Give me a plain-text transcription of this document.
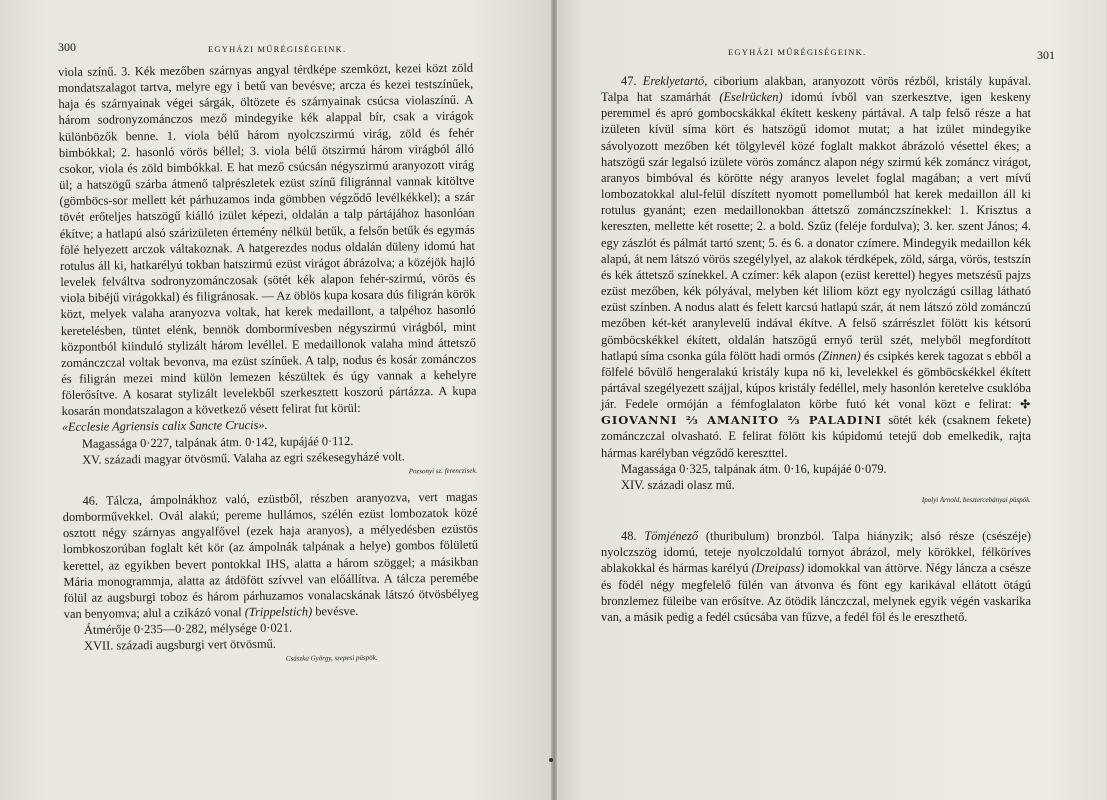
300	EGYHÁZI MŰRÉGISÉGEINK.

viola színű. 3. Kék mezőben szárnyas angyal térdképe szemközt, kezei közt zöld mondatszalagot tartva, melyre egy i betű van bevésve; arcza és kezei testszínűek, haja és szárnyainak végei sárgák, öltözete és szárnyainak csúcsa violaszínű. A három sodronyzománczos mező mindegyike kék alappal bír, csak a virágok különbözők benne. 1. viola bélű három nyolczszirmú virág, zöld és fehér bimbókkal; 2. hasonló vörös béllel; 3. viola bélű ötszirmú három virágból álló csokor, viola és zöld bimbókkal. E hat mező csúcsán négyszirmú aranyozott virág ül; a hatszögű szárba átmenő talprészletek ezüst színű filigránnal vannak kitöltve (gömböcs-sor mellett két párhuzamos inda gömbben végződő levélkékkel); a szár tövét erőteljes hatszögű kiálló izület képezi, oldalán a talp pártájához hasonlóan ékítve; a hatlapú alsó szárizületen értemény nélkül betűk, a felsőn betűk és egymás fölé helyezett arczok váltakoznak. A hatgerezdes nodus oldalán düleny idomú hat rotulus áll ki, hatkarélyú tokban hatszirmú ezüst virágot ábrázolva; a közéjök hajló levelek felváltva sodronyzománczosak (sötét kék alapon fehér-szirmú, vörös és viola bibéjű virágokkal) és filigránosak. — Az öblös kupa kosara dús filigrán körök közt, melyek valaha aranyozva voltak, hat kerek medaillont, a talpéhoz hasonló keretelésben, tüntet elénk, bennök dombormívesben négyszirmú virágból, mint központból kiinduló stylizált három levéllel. E medaillonok valaha mind áttetsző zománczczal voltak bevonva, ma ezüst színűek. A talp, nodus és kosár zománczos és filigrán mezei mind külön lemezen készültek és úgy vannak a kehelyre fölerősítve. A kosarat stylizált levelekből szerkesztett koszorú pártázza. A kupa kosarán mondatszalagon a következő vésett felirat fut körül:

«Ecclesie Agriensis calix Sancte Crucis».

Magassága 0·227, talpának átm. 0·142, kupájáé 0·112.

XV. századi magyar ötvösmű. Valaha az egri székesegyházé volt.

Pozsonyi sz. ferenczisek.

46. Tálcza, ámpolnákhoz való, ezüstből, részben aranyozva, vert magas domborművekkel. Ovál alakú; pereme hullámos, szélén ezüst lombozatok közé osztott négy szárnyas angyalfővel (ezek haja aranyos), a mélyedésben ezüstös lombkoszorúban foglalt két kör (az ámpolnák talpának a helye) gombos fölületű kerettel, az egyikben bevert pontokkal IHS, alatta a három szöggel; a másikban Mária monogrammja, alatta az átdöfött szívvel van előállítva. A tálcza peremébe fölül az augsburgi toboz és három párhuzamos vonalacskának látszó ötvösbélyeg van benyomva; alul a czikázó vonal (Trippelstich) bevésve.

Átmérője 0·235—0·282, mélysége 0·021.

XVII. századi augsburgi vert ötvösmű.

Császka György, szepesi püspök.

EGYHÁZI MŰRÉGISÉGEINK.	301

47. Ereklyetartó, ciborium alakban, aranyozott vörös rézből, kristály kupával. Talpa hat szamárhát (Eselrücken) idomú ívből van szerkesztve, igen keskeny peremmel és apró gombocskákkal ékített keskeny pártával. A talp felső része a hat izületen kívül síma kört és hatszögű idomot mutat; a hat izület mindegyike sávolyozott mezőben két tölgylevél közé foglalt makkot ábrázoló vésettel ékes; a hatszögű szár legalsó izülete vörös zománcz alapon négy szirmú kék zománcz virágot, aranyos bimbóval és körötte négy aranyos levelet foglal magában; a vert mívű lombozatokkal alul-felül díszített nyomott pomellumból hat kerek medaillon áll ki rotulus gyanánt; ezen medaillonokban áttetsző zománczszínekkel: 1. Krisztus a kereszten, mellette két rosette; 2. a bold. Szűz (feléje fordulva); 3. ker. szent János; 4. egy zászlót és pálmát tartó szent; 5. és 6. a donator czímere. Mindegyik medaillon kék alapú, át nem látszó vörös szegélylyel, az alakok térdképek, zöld, sárga, vörös, testszín és kék áttetsző színekkel. A czímer: kék alapon (ezüst kerettel) hegyes metszésű pajzs ezüst mezőben, kék pólyával, melyben két liliom közt egy nyolczágú csillag látható ezüst színben. A nodus alatt és felett karcsú hatlapú szár, át nem látszó zöld zománczú mezőben két-két aranylevelű indával ékítve. A felső szárrészlet fölött kis kétsorú gömböcskékkel ékített, oldalán hatszögű ernyő terül szét, melyből megfordított hatlapú síma csonka gúla fölött hadi ormós (Zinnen) és csipkés kerek tagozat s ebből a fölfelé bővülő hengeralakú kristály kupa nő ki, levelekkel és gömböcskékkel ékített pártával szegélyezett szájjal, kúpos kristály fedéllel, mely hasonlón keretelve csuklóba jár. Fedele ormóján a fémfoglalaton körbe futó két vonal közt e felirat: ✣ GIOVANNI ⅔ AMANITO ⅔ PALADINI sötét kék (csaknem fekete) zománczczal olvasható. E felirat fölött kis kúpidomú tetejű dob emelkedik, rajta hármas karélyban végződő kereszttel.

Magassága 0·325, talpának átm. 0·16, kupájáé 0·079.

XIV. századi olasz mű.

Ipolyi Arnold, besztercebányai püspök.

48. Tömjénező (thuribulum) bronzból. Talpa hiányzik; alsó része (csészéje) nyolczszög idomú, teteje nyolczoldalú tornyot ábrázol, mely körökkel, félköríves ablakokkal és hármas karélyú (Dreipass) idomokkal van áttörve. Négy láncza a csésze és födél négy megfelelő fülén van átvonva és fönt egy karikával ellátott ötágú bronzlemez füleibe van erősítve. Az ötödik lánczczal, melynek egyik végén vaskarika van, a másik pedig a fedél csúcsába van fűzve, a fedél föl és le ereszthető.
